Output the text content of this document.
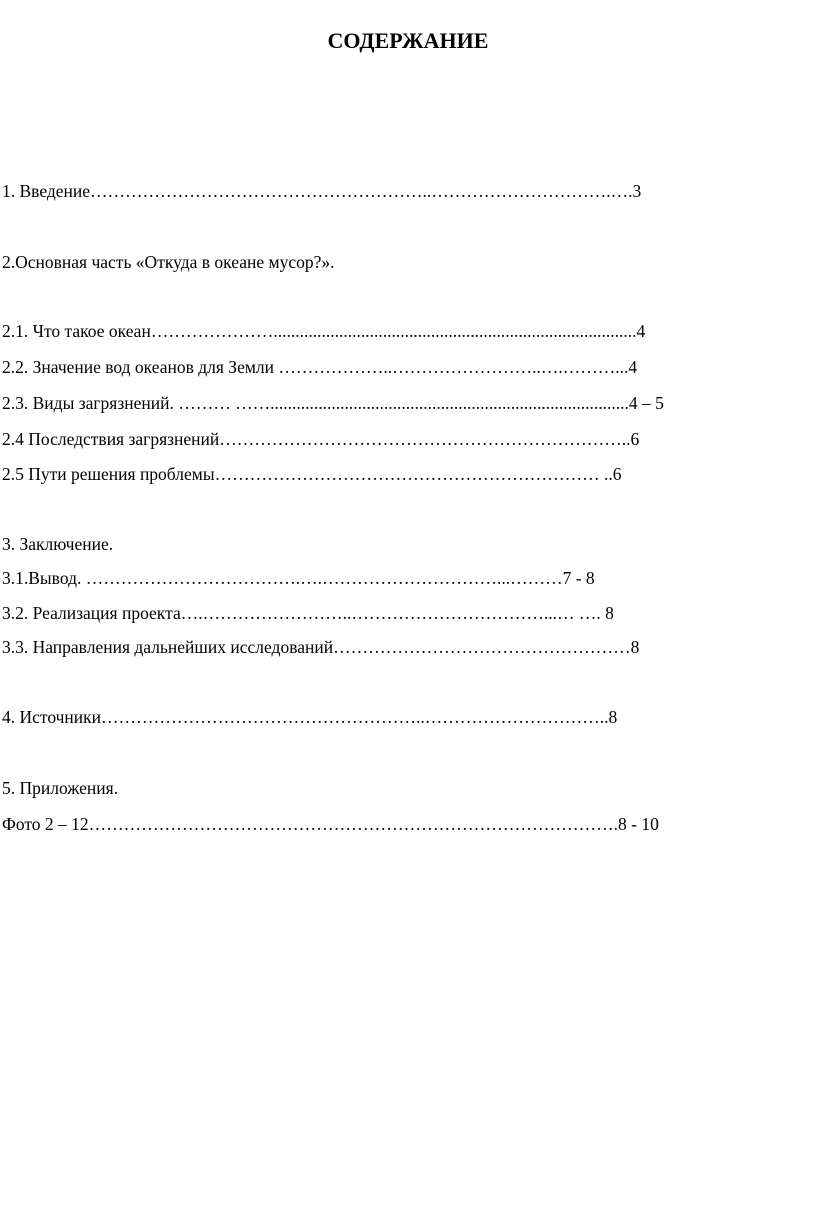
СОДЕРЖАНИЕ
1. Введение…………………………………………………..………………………….….3
2.Основная часть «Откуда в океане мусор?».
2.1. Что такое океан…………………...................................................................................4
2.2. Значение вод океанов для Земли ………………..……………………..….………...4
2.3. Виды загрязнений. ……… ……..................................................................................4 – 5
2.4 Последствия загрязнений……………………………………………………………..6
2.5 Пути решения проблемы………………………………………………………… ..6
3. Заключение.
3.1.Вывод. ……………………………….….…………………………...………7 - 8
3.2. Реализация проекта….……………………..……………………………...… …. 8
3.3. Направления дальнейших исследований……………………………………………8
4. Источники………………………………………………..…………………………..8
5. Приложения.
Фото 2 – 12……………………………………………………………………………….8 - 10
